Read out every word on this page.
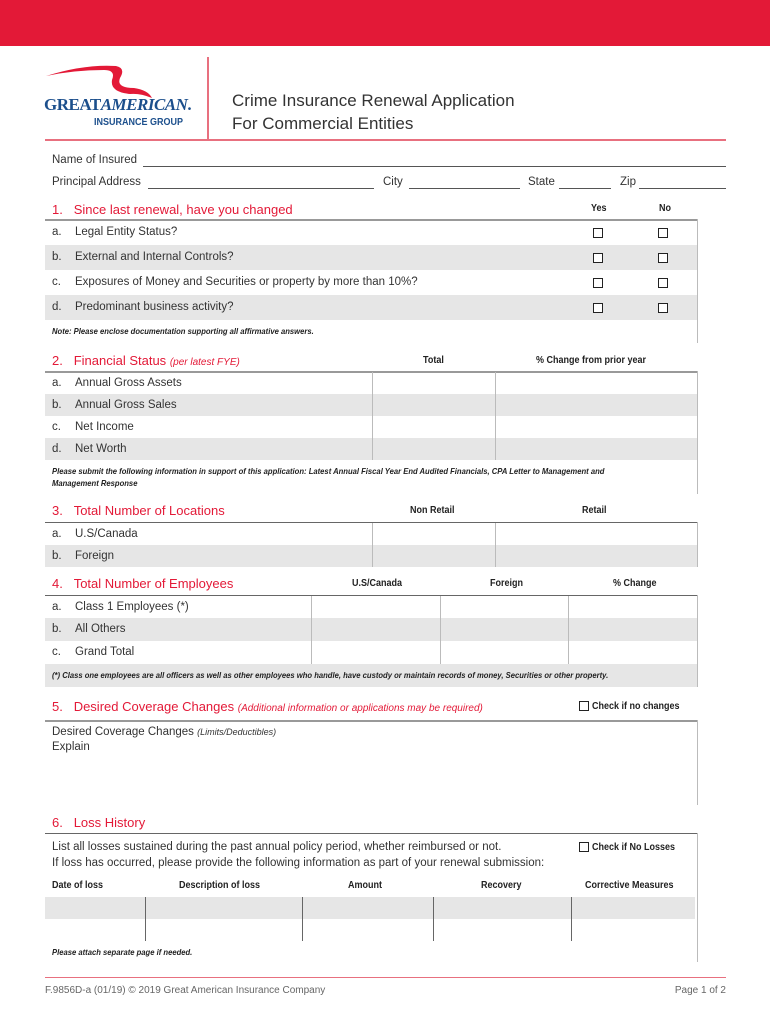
GREATAMERICAN.
INSURANCE GROUP
Crime Insurance Renewal Application
For Commercial Entities
Name of Insured
Principal Address	City	State	Zip
1. Since last renewal, have you changed	Yes	No
a. Legal Entity Status?
b. External and Internal Controls?
c. Exposures of Money and Securities or property by more than 10%?
d. Predominant business activity?
Note: Please enclose documentation supporting all affirmative answers.
2. Financial Status (per latest FYE)	Total	% Change from prior year
a. Annual Gross Assets
b. Annual Gross Sales
c. Net Income
d. Net Worth
Please submit the following information in support of this application: Latest Annual Fiscal Year End Audited Financials, CPA Letter to Management and
Management Response
3. Total Number of Locations	Non Retail	Retail
a. U.S/Canada
b. Foreign
4. Total Number of Employees	U.S/Canada	Foreign	% Change
a. Class 1 Employees (*)
b. All Others
c. Grand Total
(*) Class one employees are all officers as well as other employees who handle, have custody or maintain records of money, Securities or other property.
5. Desired Coverage Changes (Additional information or applications may be required)	Check if no changes
Desired Coverage Changes (Limits/Deductibles)
Explain
6. Loss History
List all losses sustained during the past annual policy period, whether reimbursed or not.
If loss has occurred, please provide the following information as part of your renewal submission:
Check if No Losses
Date of loss	Description of loss	Amount	Recovery	Corrective Measures
Please attach separate page if needed.
F.9856D-a (01/19) © 2019 Great American Insurance Company	Page 1 of 2
